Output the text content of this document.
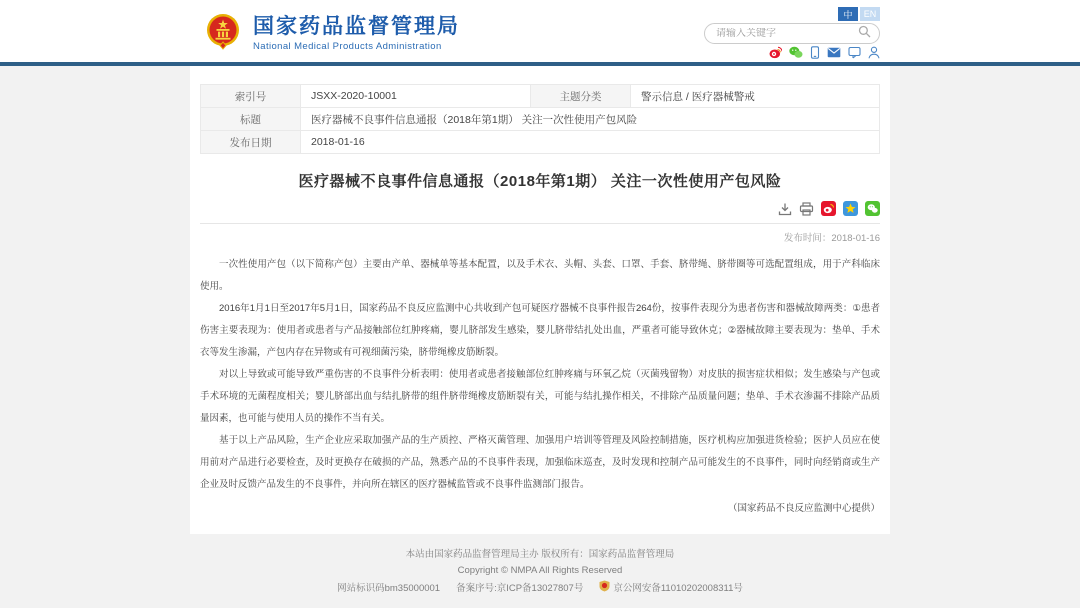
国家药品监督管理局
National Medical Products Administration
中	EN
请输入关键字
索引号	JSXX-2020-10001	主题分类	警示信息 / 医疗器械警戒
标题	医疗器械不良事件信息通报（2018年第1期） 关注一次性使用产包风险		
发布日期	2018-01-16		
医疗器械不良事件信息通报（2018年第1期） 关注一次性使用产包风险
发布时间：2018-01-16

一次性使用产包（以下简称产包）主要由产单、器械单等基本配置，以及手术衣、头帽、头套、口罩、手套、脐带绳、脐带圈等可选配置组成，用于产科临床使用。

2016年1月1日至2017年5月1日，国家药品不良反应监测中心共收到产包可疑医疗器械不良事件报告264份，按事件表现分为患者伤害和器械故障两类：①患者伤害主要表现为：使用者或患者与产品接触部位红肿疼痛，婴儿脐部发生感染，婴儿脐带结扎处出血，严重者可能导致休克；②器械故障主要表现为：垫单、手术衣等发生渗漏，产包内存在异物或有可视细菌污染，脐带绳橡皮筋断裂。

对以上导致或可能导致严重伤害的不良事件分析表明：使用者或患者接触部位红肿疼痛与环氧乙烷（灭菌残留物）对皮肤的损害症状相似；发生感染与产包或手术环境的无菌程度相关；婴儿脐部出血与结扎脐带的组件脐带绳橡皮筋断裂有关，可能与结扎操作相关，不排除产品质量问题；垫单、手术衣渗漏不排除产品质量因素，也可能与使用人员的操作不当有关。

基于以上产品风险，生产企业应采取加强产品的生产质控、严格灭菌管理、加强用户培训等管理及风险控制措施，医疗机构应加强进货检验；医护人员应在使用前对产品进行必要检查，及时更换存在破损的产品，熟悉产品的不良事件表现，加强临床巡查，及时发现和控制产品可能发生的不良事件，同时向经销商或生产企业及时反馈产品发生的不良事件，并向所在辖区的医疗器械监管或不良事件监测部门报告。

（国家药品不良反应监测中心提供）
本站由国家药品监督管理局主办 版权所有：国家药品监督管理局
Copyright © NMPA All Rights Reserved
网站标识码bm35000001 备案序号:京ICP备13027807号	京公网安备11010202008311号
